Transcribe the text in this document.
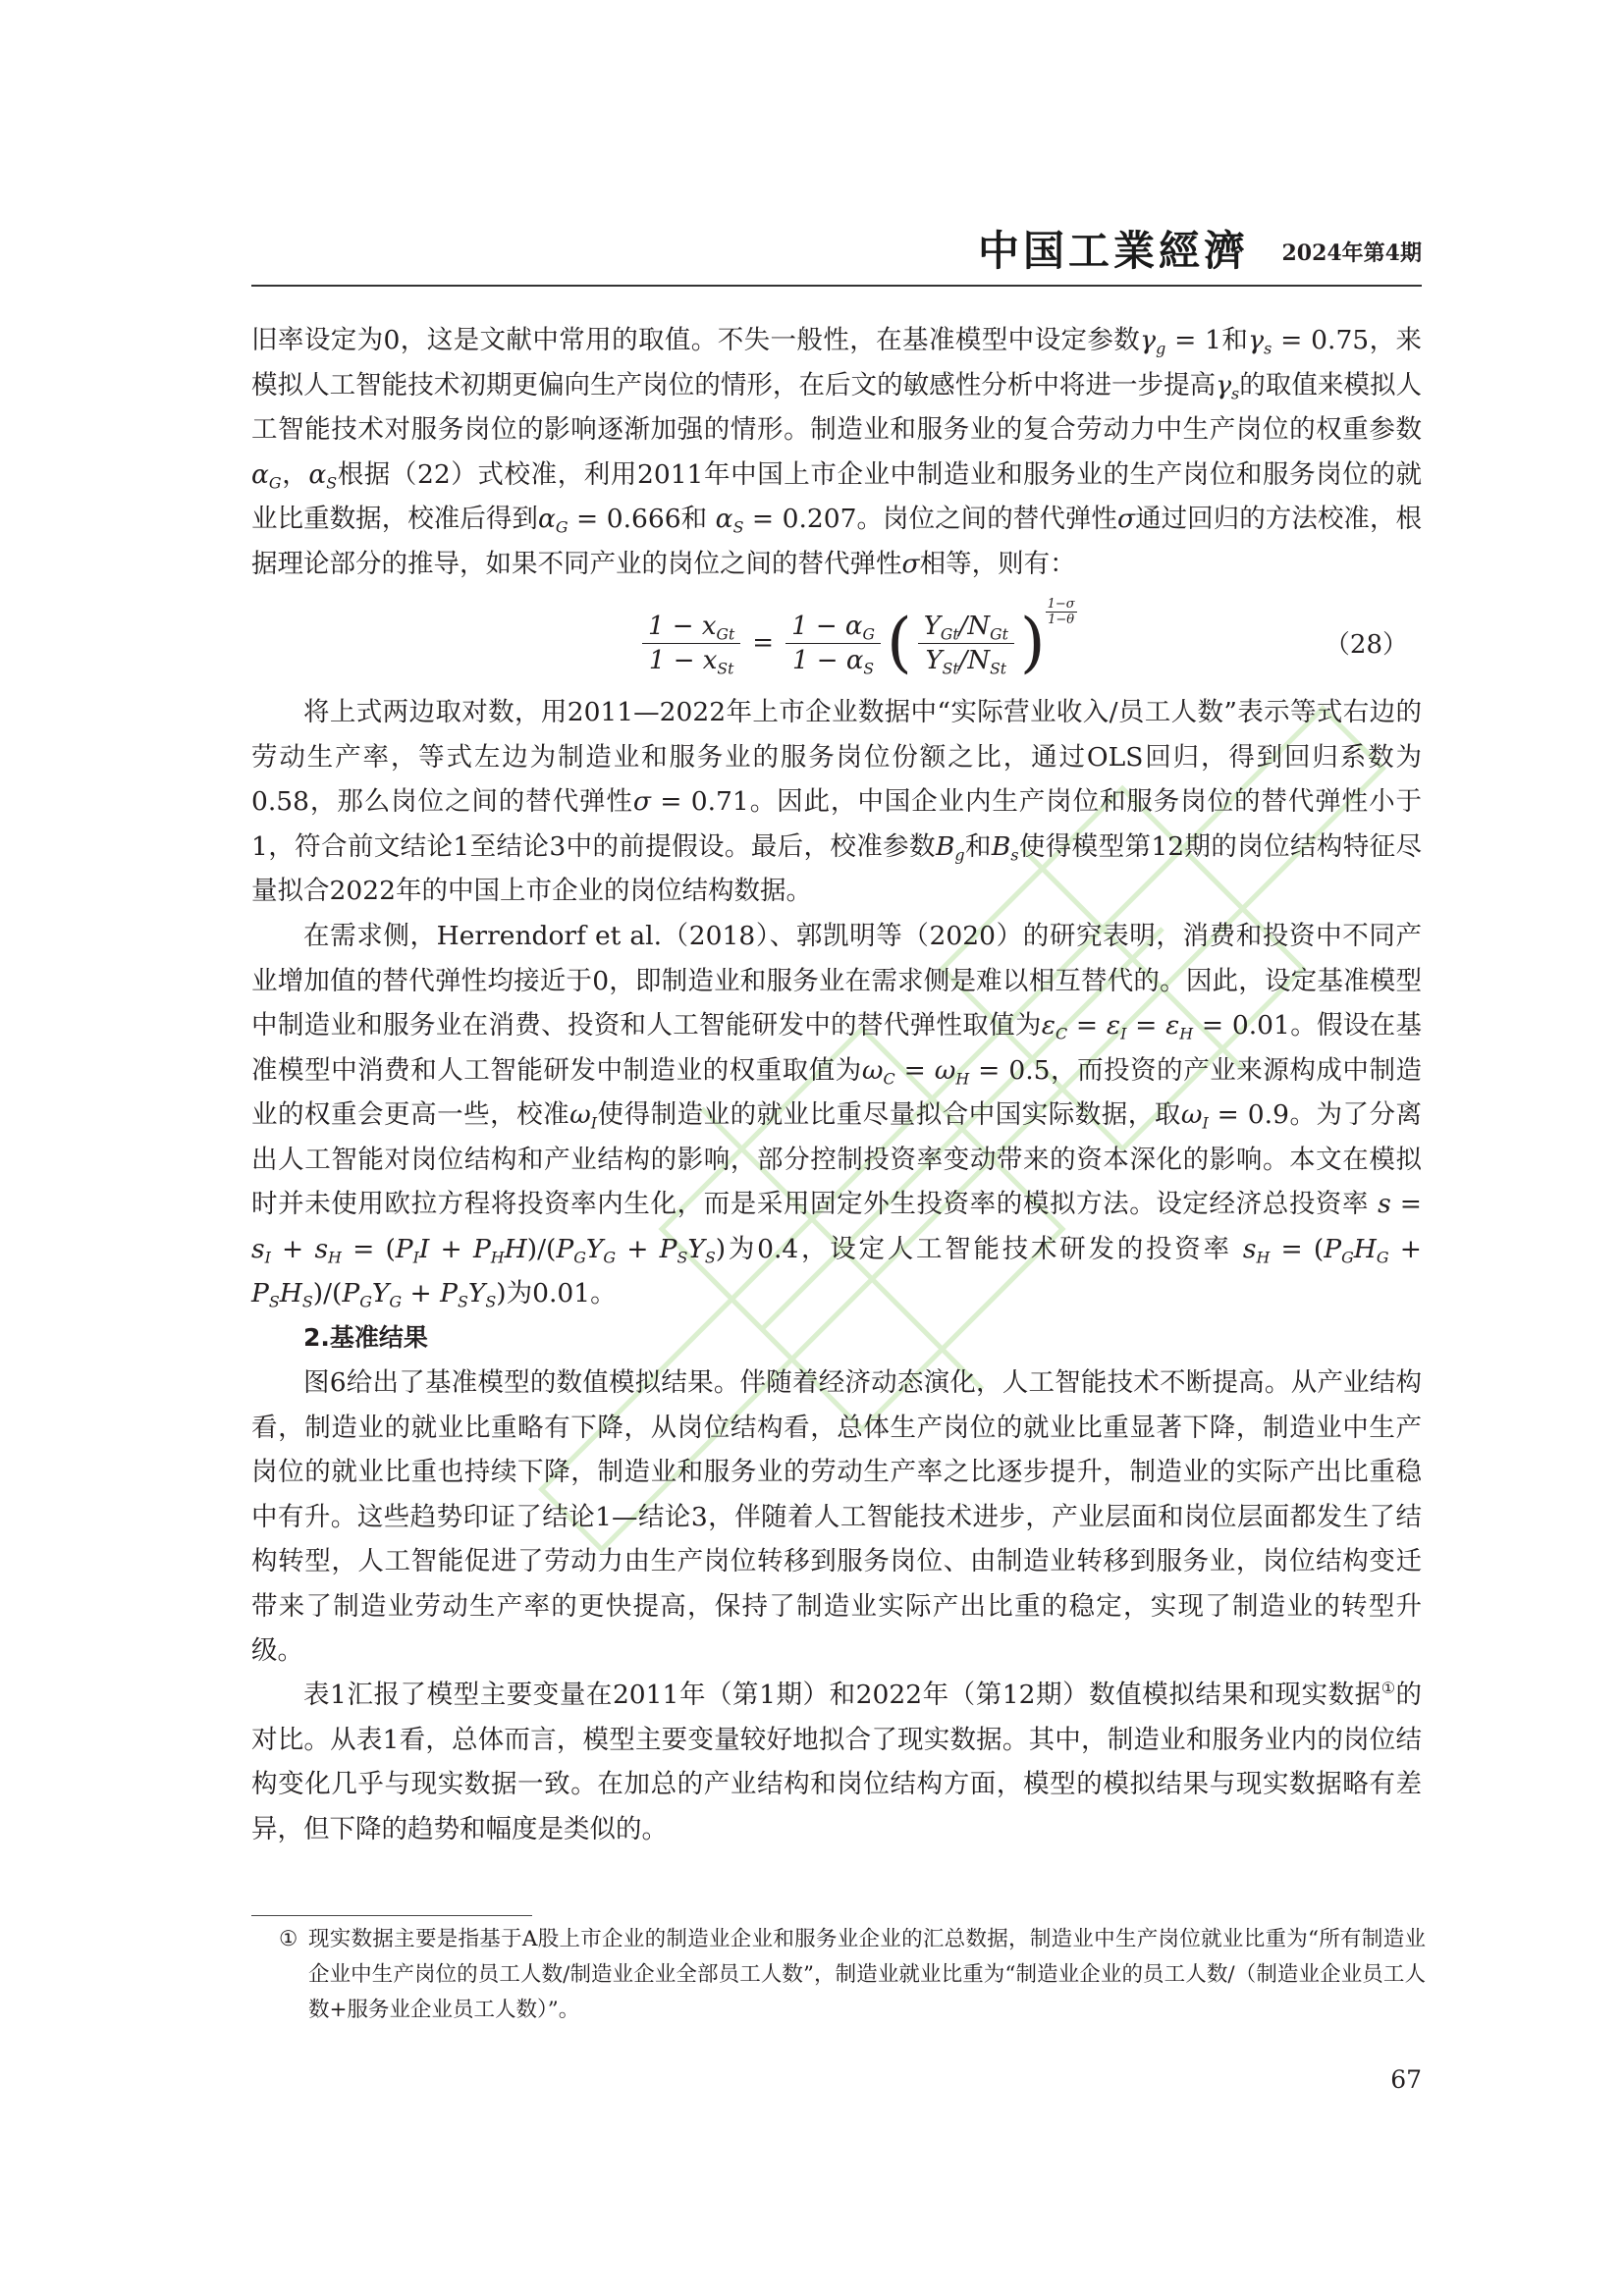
中国工業經濟 2024年第4期

旧率设定为0，这是文献中常用的取值。不失一般性，在基准模型中设定参数$\gamma_g = 1$和$\gamma_s = 0.75$，来模拟人工智能技术初期更偏向生产岗位的情形，在后文的敏感性分析中将进一步提高$\gamma_s$的取值来模拟人工智能技术对服务岗位的影响逐渐加强的情形。制造业和服务业的复合劳动力中生产岗位的权重参数$\alpha_G$，$\alpha_S$根据（22）式校准，利用2011年中国上市企业中制造业和服务业的生产岗位和服务岗位的就业比重数据，校准后得到$\alpha_G = 0.666$和 $\alpha_S = 0.207$。岗位之间的替代弹性σ通过回归的方法校准，根据理论部分的推导，如果不同产业的岗位之间的替代弹性σ相等，则有：

$\frac{1 - x_{Gt}}{1 - x_{St}} = \frac{1 - \alpha_G}{1 - \alpha_S}$ ( $\frac{Y_{Gt}/N_{Gt}}{Y_{St}/N_{St}}$ )
1−σ
1−θ
（28）

将上式两边取对数，用2011—2022年上市企业数据中“实际营业收入/员工人数”表示等式右边的劳动生产率，等式左边为制造业和服务业的服务岗位份额之比，通过OLS回归，得到回归系数为0.58，那么岗位之间的替代弹性σ = 0.71。因此，中国企业内生产岗位和服务岗位的替代弹性小于1，符合前文结论1至结论3中的前提假设。最后，校准参数$B_g$和$B_s$使得模型第12期的岗位结构特征尽量拟合2022年的中国上市企业的岗位结构数据。

在需求侧，Herrendorf et al.（2018）、郭凯明等（2020）的研究表明，消费和投资中不同产业增加值的替代弹性均接近于0，即制造业和服务业在需求侧是难以相互替代的。因此，设定基准模型中制造业和服务业在消费、投资和人工智能研发中的替代弹性取值为$\varepsilon_C = \varepsilon_I = \varepsilon_H = 0.01$。假设在基准模型中消费和人工智能研发中制造业的权重取值为$\omega_C = \omega_H = 0.5$，而投资的产业来源构成中制造业的权重会更高一些，校准$\omega_I$使得制造业的就业比重尽量拟合中国实际数据，取$\omega_I = 0.9$。为了分离出人工智能对岗位结构和产业结构的影响，部分控制投资率变动带来的资本深化的影响。本文在模拟时并未使用欧拉方程将投资率内生化，而是采用固定外生投资率的模拟方法。设定经济总投资率 $s = s_I + s_H = (P_II + P_HH)/(P_GY_G + P_SY_S)$为0.4，设定人工智能技术研发的投资率 $s_H = (P_GH_G + P_SH_S)/(P_GY_G + P_SY_S)$为0.01。

2.基准结果

图6给出了基准模型的数值模拟结果。伴随着经济动态演化，人工智能技术不断提高。从产业结构看，制造业的就业比重略有下降，从岗位结构看，总体生产岗位的就业比重显著下降，制造业中生产岗位的就业比重也持续下降，制造业和服务业的劳动生产率之比逐步提升，制造业的实际产出比重稳中有升。这些趋势印证了结论1—结论3，伴随着人工智能技术进步，产业层面和岗位层面都发生了结构转型，人工智能促进了劳动力由生产岗位转移到服务岗位、由制造业转移到服务业，岗位结构变迁带来了制造业劳动生产率的更快提高，保持了制造业实际产出比重的稳定，实现了制造业的转型升级。

表1汇报了模型主要变量在2011年（第1期）和2022年（第12期）数值模拟结果和现实数据①的对比。从表1看，总体而言，模型主要变量较好地拟合了现实数据。其中，制造业和服务业内的岗位结构变化几乎与现实数据一致。在加总的产业结构和岗位结构方面，模型的模拟结果与现实数据略有差异，但下降的趋势和幅度是类似的。

① 现实数据主要是指基于A股上市企业的制造业企业和服务业企业的汇总数据，制造业中生产岗位就业比重为“所有制造业企业中生产岗位的员工人数/制造业企业全部员工人数”，制造业就业比重为“制造业企业的员工人数/（制造业企业员工人数+服务业企业员工人数）”。
67
